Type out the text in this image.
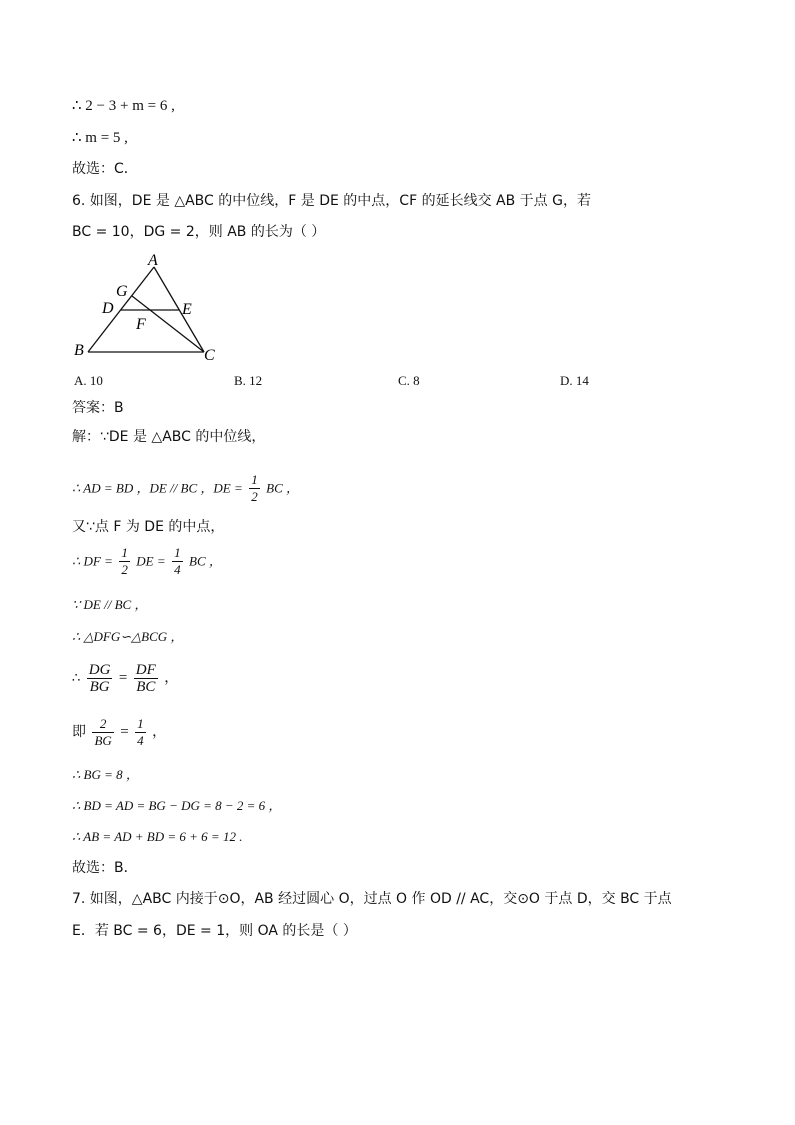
∴ 2 − 3 + m = 6 ,
∴ m = 5 ,
故选：C．
6. 如图，DE 是 △ABC 的中位线，F 是 DE 的中点，CF 的延长线交 AB 于点 G，若
BC = 10，DG = 2，则 AB 的长为（ ）
A
G
D	E
F
B	C
A. 10	B. 12	C. 8	D. 14
答案：B
解：∵DE 是 △ABC 的中位线，
∴ AD = BD ，DE // BC ，DE = $\frac{1}{2}$ BC ，
又∵点 F 为 DE 的中点，
∴ DF = $\frac{1}{2}$ DE = $\frac{1}{4}$ BC ，
∵ DE // BC ，
∴ △DFG∽△BCG ，
∴ $\frac{DG}{BG} = \frac{DF}{BC}$ ，
即 $\frac{2}{BG} = \frac{1}{4}$ ，
∴ BG = 8 ，
∴ BD = AD = BG − DG = 8 − 2 = 6 ，
∴ AB = AD + BD = 6 + 6 = 12 .
故选：B．
7. 如图，△ABC 内接于⊙O，AB 经过圆心 O，过点 O 作 OD // AC，交⊙O 于点 D，交 BC 于点
E．若 BC = 6，DE = 1，则 OA 的长是（ ）
